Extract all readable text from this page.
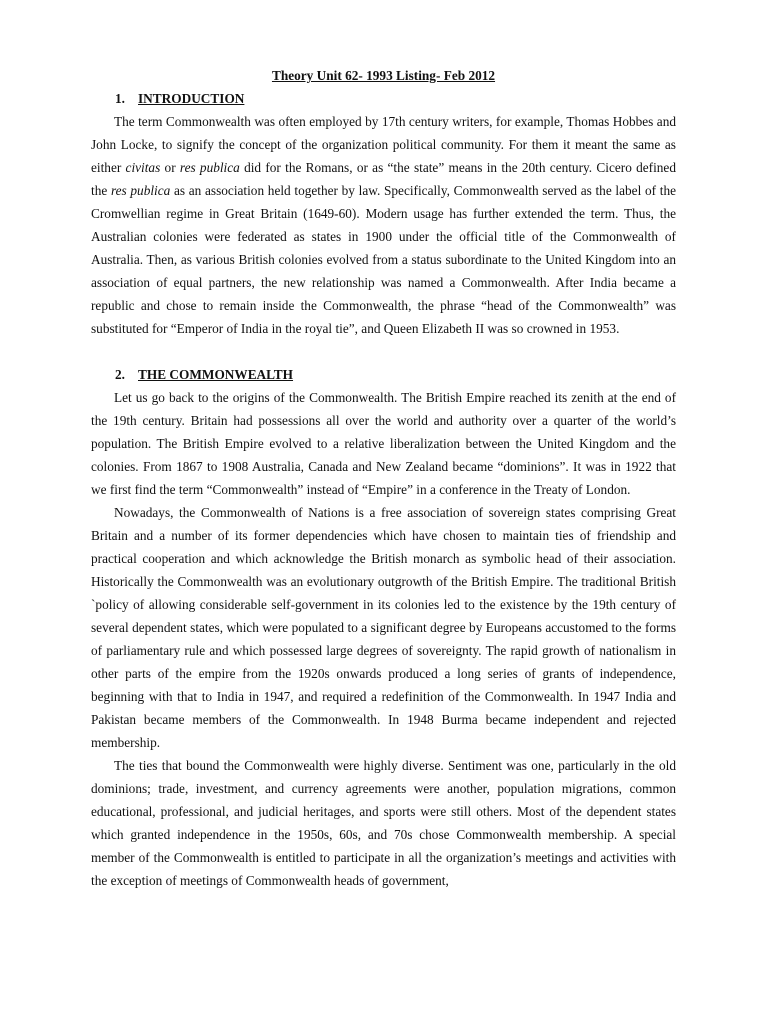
Theory Unit 62- 1993 Listing- Feb 2012
1. INTRODUCTION

The term Commonwealth was often employed by 17th century writers, for example, Thomas Hobbes and John Locke, to signify the concept of the organization political community. For them it meant the same as either civitas or res publica did for the Romans, or as “the state” means in the 20th century. Cicero defined the res publica as an association held together by law. Specifically, Commonwealth served as the label of the Cromwellian regime in Great Britain (1649-60). Modern usage has further extended the term. Thus, the Australian colonies were federated as states in 1900 under the official title of the Commonwealth of Australia. Then, as various British colonies evolved from a status subordinate to the United Kingdom into an association of equal partners, the new relationship was named a Commonwealth. After India became a republic and chose to remain inside the Commonwealth, the phrase “head of the Commonwealth” was substituted for “Emperor of India in the royal tie”, and Queen Elizabeth II was so crowned in 1953.

2. THE COMMONWEALTH

Let us go back to the origins of the Commonwealth. The British Empire reached its zenith at the end of the 19th century. Britain had possessions all over the world and authority over a quarter of the world’s population. The British Empire evolved to a relative liberalization between the United Kingdom and the colonies. From 1867 to 1908 Australia, Canada and New Zealand became “dominions”. It was in 1922 that we first find the term “Commonwealth” instead of “Empire” in a conference in the Treaty of London.

Nowadays, the Commonwealth of Nations is a free association of sovereign states comprising Great Britain and a number of its former dependencies which have chosen to maintain ties of friendship and practical cooperation and which acknowledge the British monarch as symbolic head of their association. Historically the Commonwealth was an evolutionary outgrowth of the British Empire. The traditional British `policy of allowing considerable self-government in its colonies led to the existence by the 19th century of several dependent states, which were populated to a significant degree by Europeans accustomed to the forms of parliamentary rule and which possessed large degrees of sovereignty. The rapid growth of nationalism in other parts of the empire from the 1920s onwards produced a long series of grants of independence, beginning with that to India in 1947, and required a redefinition of the Commonwealth. In 1947 India and Pakistan became members of the Commonwealth. In 1948 Burma became independent and rejected membership.

The ties that bound the Commonwealth were highly diverse. Sentiment was one, particularly in the old dominions; trade, investment, and currency agreements were another, population migrations, common educational, professional, and judicial heritages, and sports were still others. Most of the dependent states which granted independence in the 1950s, 60s, and 70s chose Commonwealth membership. A special member of the Commonwealth is entitled to participate in all the organization’s meetings and activities with the exception of meetings of Commonwealth heads of government,
